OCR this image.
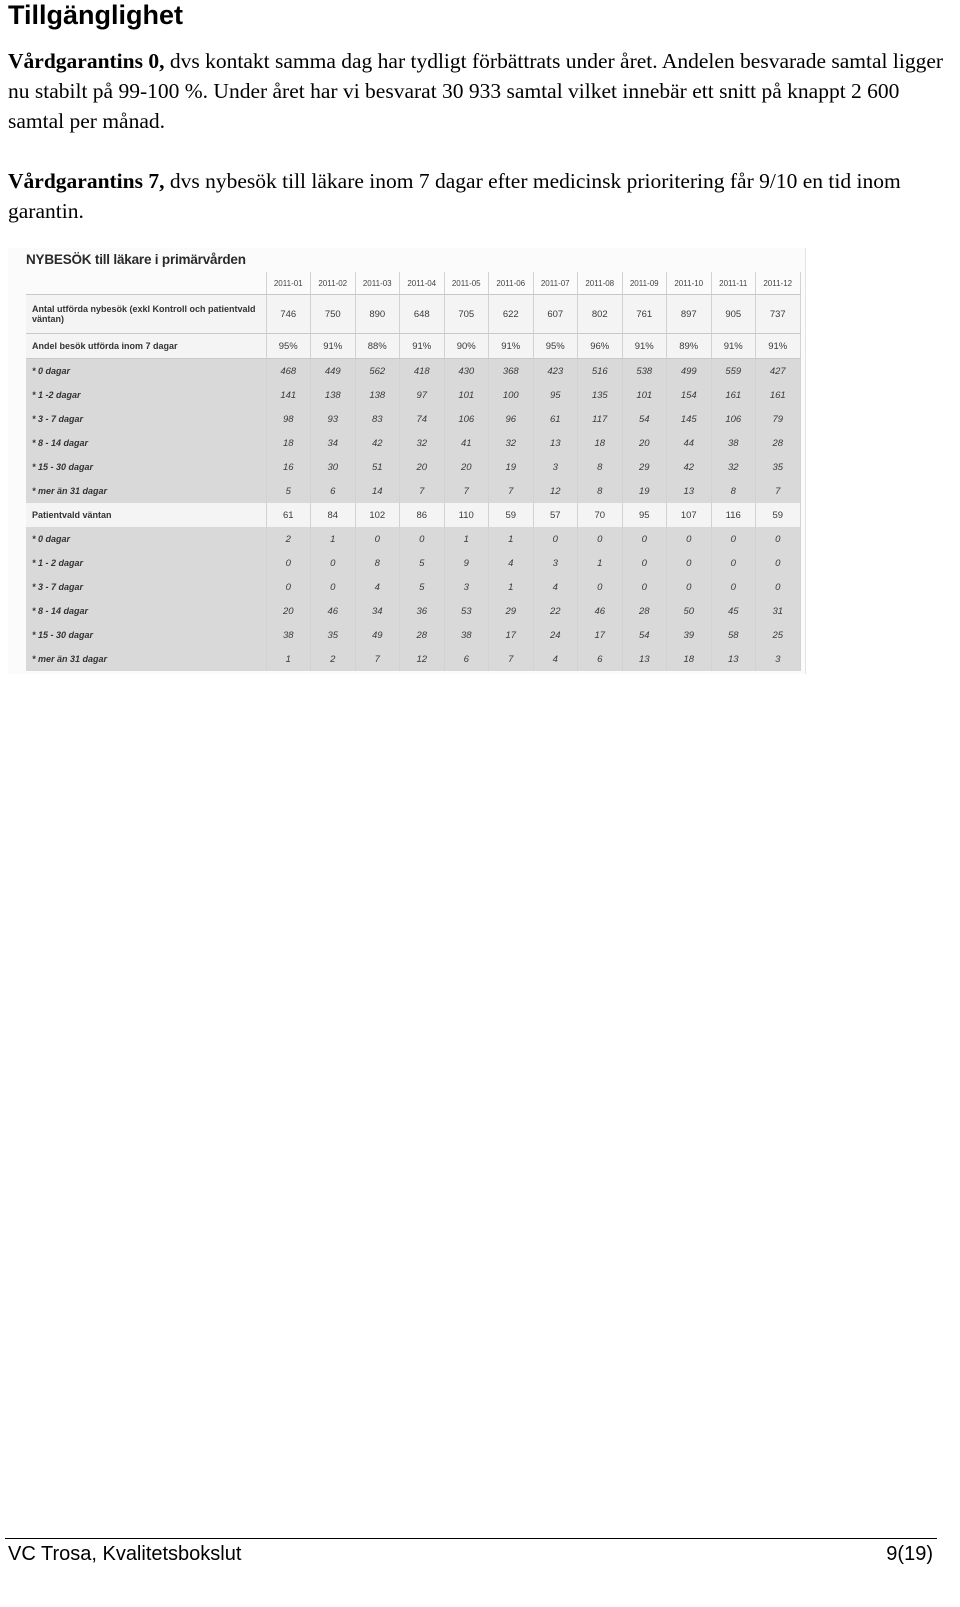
Tillgänglighet

Vårdgarantins 0, dvs kontakt samma dag har tydligt förbättrats under året. Andelen besvarade samtal ligger nu stabilt på 99-100 %. Under året har vi besvarat 30 933 samtal vilket innebär ett snitt på knappt 2 600 samtal per månad.

Vårdgarantins 7, dvs nybesök till läkare inom 7 dagar efter medicinsk prioritering får 9/10 en tid inom garantin.

NYBESÖK till läkare i primärvården
	2011-01	2011-02	2011-03	2011-04	2011-05	2011-06	2011-07	2011-08	2011-09	2011-10	2011-11	2011-12
Antal utförda nybesök (exkl Kontroll och patientvald väntan)	746	750	890	648	705	622	607	802	761	897	905	737
Andel besök utförda inom 7 dagar	95%	91%	88%	91%	90%	91%	95%	96%	91%	89%	91%	91%
* 0 dagar	468	449	562	418	430	368	423	516	538	499	559	427
* 1 -2 dagar	141	138	138	97	101	100	95	135	101	154	161	161
* 3 - 7 dagar	98	93	83	74	106	96	61	117	54	145	106	79
* 8 - 14 dagar	18	34	42	32	41	32	13	18	20	44	38	28
* 15 - 30 dagar	16	30	51	20	20	19	3	8	29	42	32	35
* mer än 31 dagar	5	6	14	7	7	7	12	8	19	13	8	7
Patientvald väntan	61	84	102	86	110	59	57	70	95	107	116	59
* 0 dagar	2	1	0	0	1	1	0	0	0	0	0	0
* 1 - 2 dagar	0	0	8	5	9	4	3	1	0	0	0	0
* 3 - 7 dagar	0	0	4	5	3	1	4	0	0	0	0	0
* 8 - 14 dagar	20	46	34	36	53	29	22	46	28	50	45	31
* 15 - 30 dagar	38	35	49	28	38	17	24	17	54	39	58	25
* mer än 31 dagar	1	2	7	12	6	7	4	6	13	18	13	3
VC Trosa, Kvalitetsbokslut	9(19)
